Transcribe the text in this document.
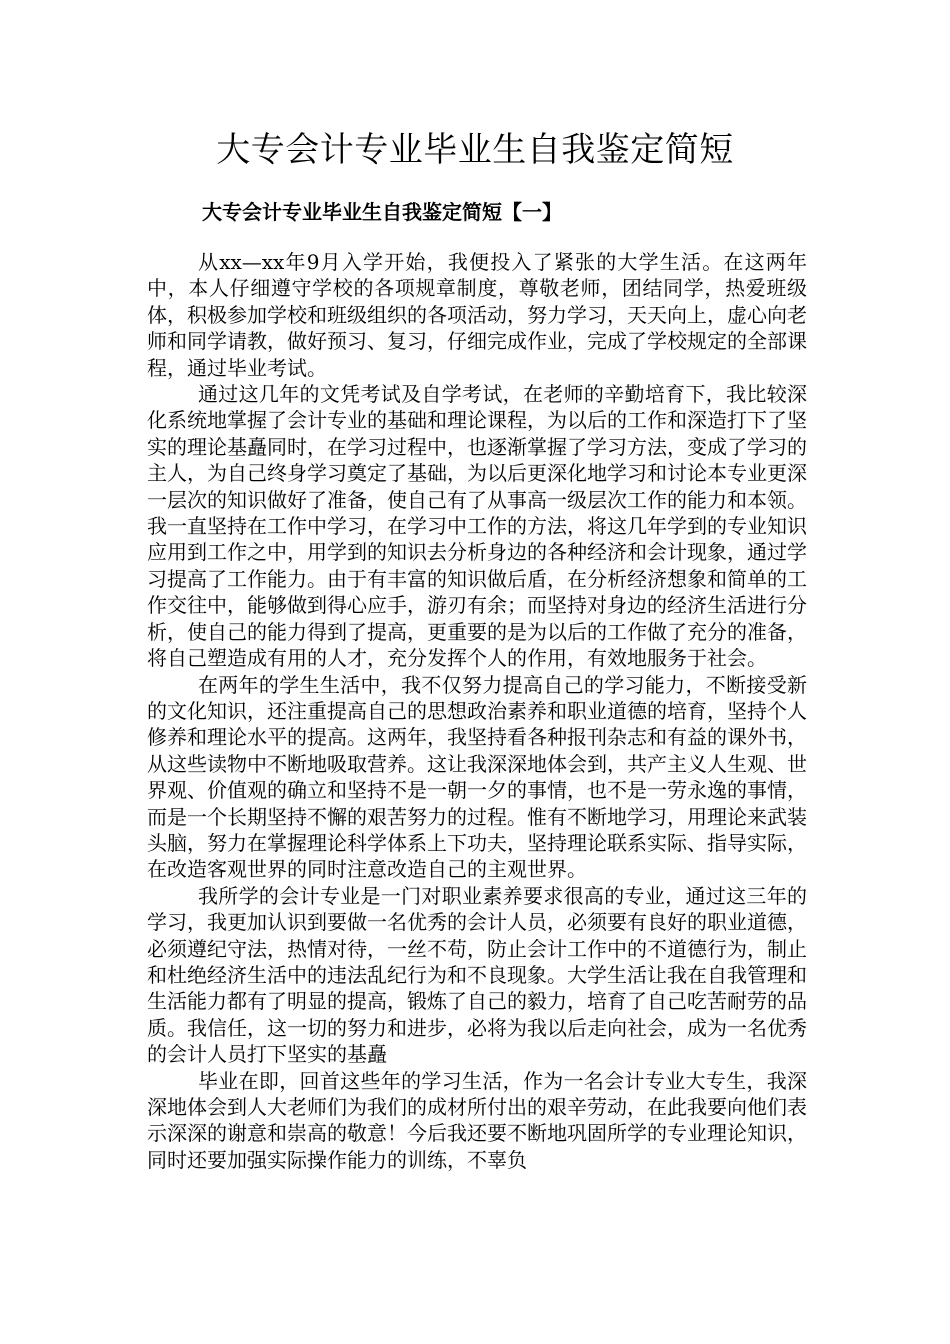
大专会计专业毕业生自我鉴定简短
大专会计专业毕业生自我鉴定简短【一】

从xx—xx年9月入学开始，我便投入了紧张的大学生活。在这两年中，本人仔细遵守学校的各项规章制度，尊敬老师，团结同学，热爱班级体，积极参加学校和班级组织的各项活动，努力学习，天天向上，虚心向老师和同学请教，做好预习、复习，仔细完成作业，完成了学校规定的全部课程，通过毕业考试。

通过这几年的文凭考试及自学考试，在老师的辛勤培育下，我比较深化系统地掌握了会计专业的基础和理论课程，为以后的工作和深造打下了坚实的理论基矗同时，在学习过程中，也逐渐掌握了学习方法，变成了学习的主人，为自己终身学习奠定了基础，为以后更深化地学习和讨论本专业更深一层次的知识做好了准备，使自己有了从事高一级层次工作的能力和本领。我一直坚持在工作中学习，在学习中工作的方法，将这几年学到的专业知识应用到工作之中，用学到的知识去分析身边的各种经济和会计现象，通过学习提高了工作能力。由于有丰富的知识做后盾，在分析经济想象和简单的工作交往中，能够做到得心应手，游刃有余；而坚持对身边的经济生活进行分析，使自己的能力得到了提高，更重要的是为以后的工作做了充分的准备，将自己塑造成有用的人才，充分发挥个人的作用，有效地服务于社会。

在两年的学生生活中，我不仅努力提高自己的学习能力，不断接受新的文化知识，还注重提高自己的思想政治素养和职业道德的培育，坚持个人修养和理论水平的提高。这两年，我坚持看各种报刊杂志和有益的课外书，从这些读物中不断地吸取营养。这让我深深地体会到，共产主义人生观、世界观、价值观的确立和坚持不是一朝一夕的事情，也不是一劳永逸的事情，而是一个长期坚持不懈的艰苦努力的过程。惟有不断地学习，用理论来武装头脑，努力在掌握理论科学体系上下功夫，坚持理论联系实际、指导实际，在改造客观世界的同时注意改造自己的主观世界。

我所学的会计专业是一门对职业素养要求很高的专业，通过这三年的学习，我更加认识到要做一名优秀的会计人员，必须要有良好的职业道德，必须遵纪守法，热情对待，一丝不苟，防止会计工作中的不道德行为，制止和杜绝经济生活中的违法乱纪行为和不良现象。大学生活让我在自我管理和生活能力都有了明显的提高，锻炼了自己的毅力，培育了自己吃苦耐劳的品质。我信任，这一切的努力和进步，必将为我以后走向社会，成为一名优秀的会计人员打下坚实的基矗

毕业在即，回首这些年的学习生活，作为一名会计专业大专生，我深深地体会到人大老师们为我们的成材所付出的艰辛劳动，在此我要向他们表示深深的谢意和崇高的敬意！今后我还要不断地巩固所学的专业理论知识，同时还要加强实际操作能力的训练，不辜负
